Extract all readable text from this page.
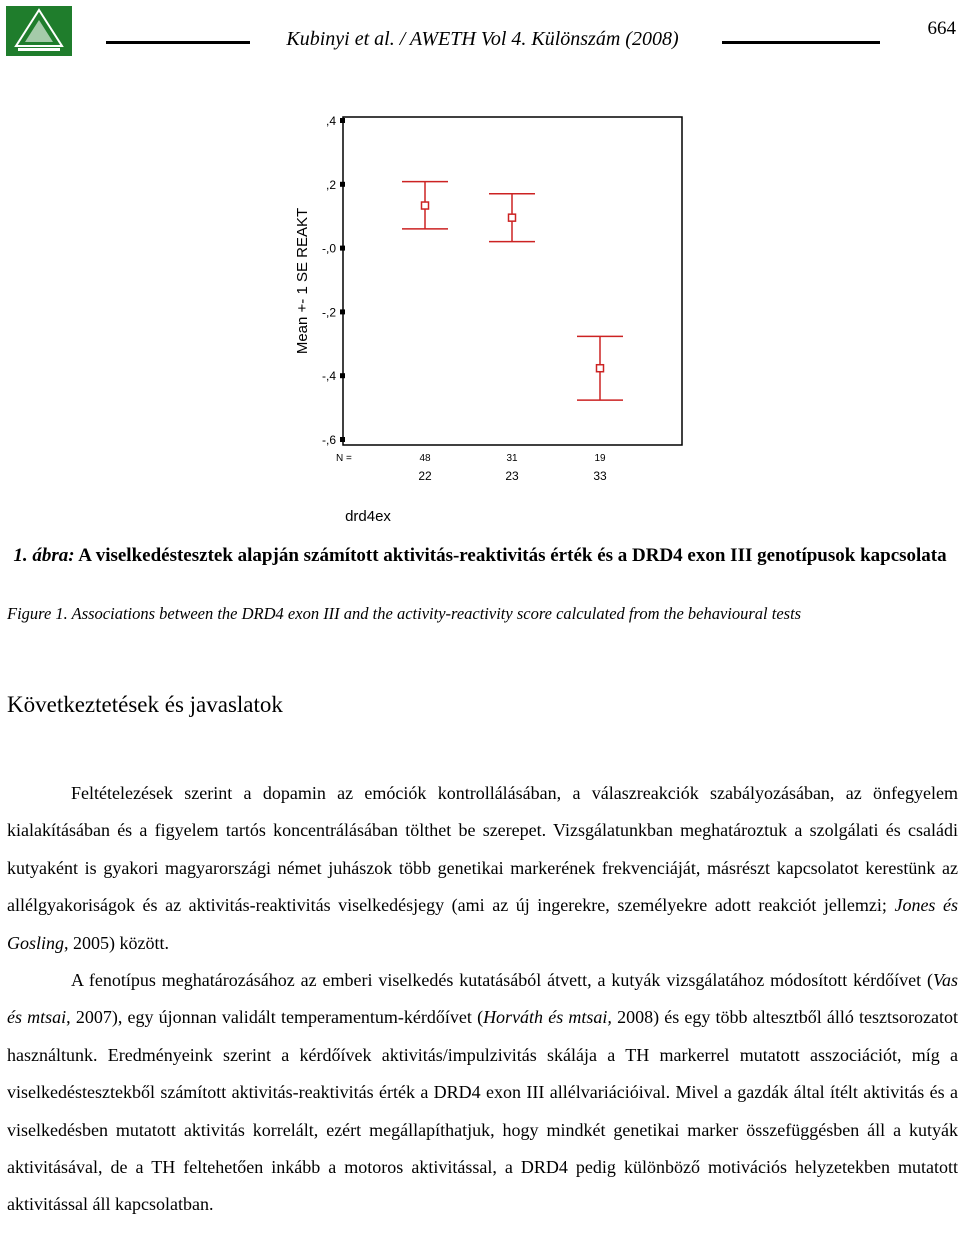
Kubinyi et al. / AWETH Vol 4. Különszám (2008)	664
,4
,2
-,0
-,2
-,4
-,6
Mean +- 1 SE REAKT
N =	48
22
31
23
19
33
drd4ex
1. ábra: A viselkedéstesztek alapján számított aktivitás-reaktivitás érték és a DRD4 exon III genotípusok kapcsolata
Figure 1. Associations between the DRD4 exon III and the activity-reactivity score calculated from the behavioural tests
Következtetések és javaslatok

Feltételezések szerint a dopamin az emóciók kontrollálásában, a válaszreakciók szabályozásában, az önfegyelem kialakításában és a figyelem tartós koncentrálásában tölthet be szerepet. Vizsgálatunkban meghatároztuk a szolgálati és családi kutyaként is gyakori magyarországi német juhászok több genetikai markerének frekvenciáját, másrészt kapcsolatot kerestünk az allélgyakoriságok és az aktivitás-reaktivitás viselkedésjegy (ami az új ingerekre, személyekre adott reakciót jellemzi; Jones és Gosling, 2005) között.

A fenotípus meghatározásához az emberi viselkedés kutatásából átvett, a kutyák vizsgálatához módosított kérdőívet (Vas és mtsai, 2007), egy újonnan validált temperamentum-kérdőívet (Horváth és mtsai, 2008) és egy több altesztből álló tesztsorozatot használtunk. Eredményeink szerint a kérdőívek aktivitás/impulzivitás skálája a TH markerrel mutatott asszociációt, míg a viselkedéstesztekből számított aktivitás-reaktivitás érték a DRD4 exon III allélvariációival. Mivel a gazdák által ítélt aktivitás és a viselkedésben mutatott aktivitás korrelált, ezért megállapíthatjuk, hogy mindkét genetikai marker összefüggésben áll a kutyák aktivitásával, de a TH feltehetően inkább a motoros aktivitással, a DRD4 pedig különböző motivációs helyzetekben mutatott aktivitással áll kapcsolatban.
